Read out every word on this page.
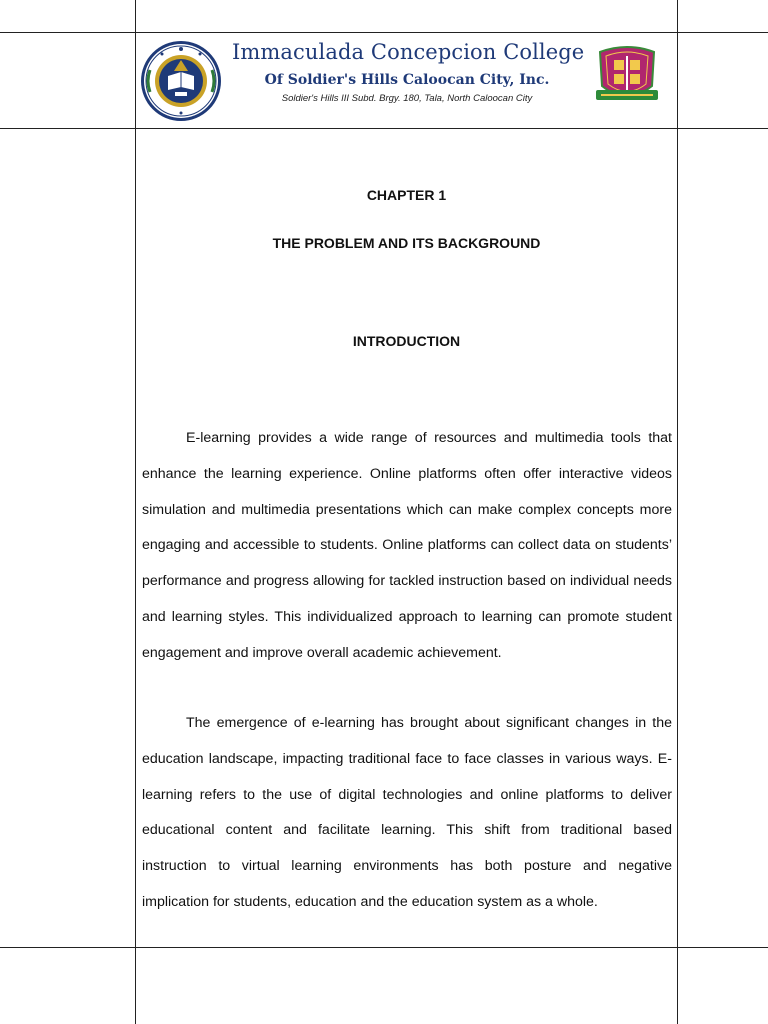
Immaculada Concepcion College
Of Soldier's Hills Caloocan City, Inc.
Soldier's Hills III Subd. Brgy. 180, Tala, North Caloocan City
CHAPTER 1
THE PROBLEM AND ITS BACKGROUND
INTRODUCTION

E-learning provides a wide range of resources and multimedia tools that enhance the learning experience. Online platforms often offer interactive videos simulation and multimedia presentations which can make complex concepts more engaging and accessible to students. Online platforms can collect data on students’ performance and progress allowing for tackled instruction based on individual needs and learning styles. This individualized approach to learning can promote student engagement and improve overall academic achievement.

The emergence of e-learning has brought about significant changes in the education landscape, impacting traditional face to face classes in various ways. E-learning refers to the use of digital technologies and online platforms to deliver educational content and facilitate learning. This shift from traditional based instruction to virtual learning environments has both posture and negative implication for students, education and the education system as a whole.
